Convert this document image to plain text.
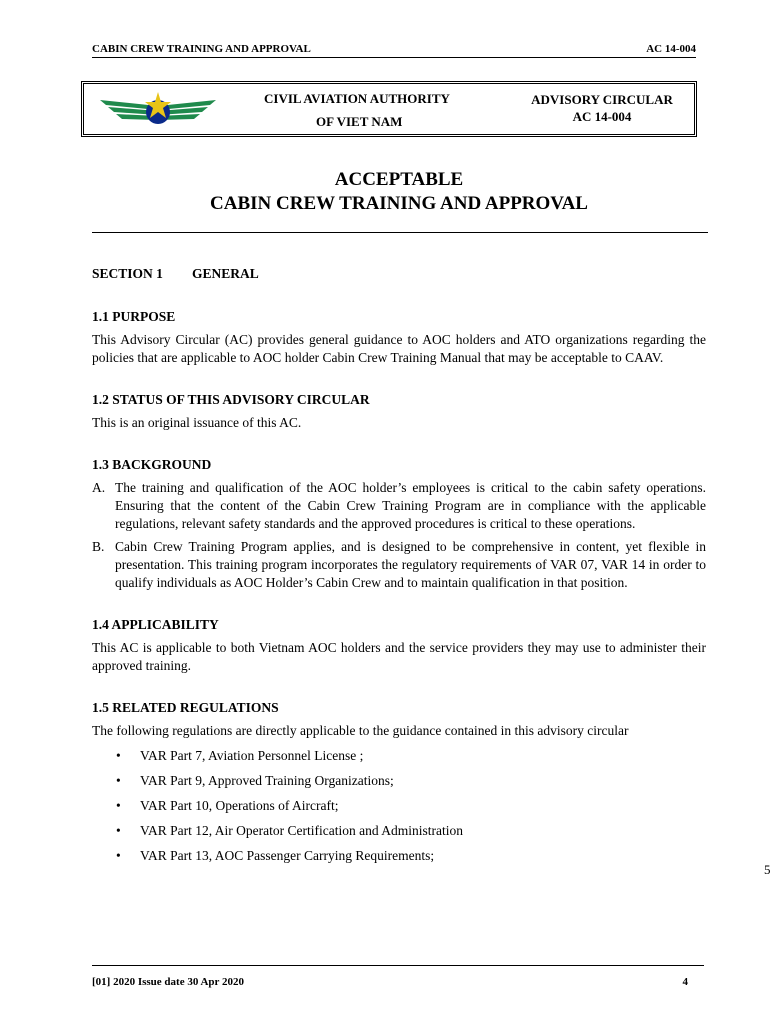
CABIN CREW TRAINING AND APPROVAL	AC 14-004
CIVIL AVIATION AUTHORITY
OF VIET NAM
ADVISORY CIRCULAR
AC 14-004
ACCEPTABLE
CABIN CREW TRAINING AND APPROVAL
SECTION 1 GENERAL
1.1 PURPOSE

This Advisory Circular (AC) provides general guidance to AOC holders and ATO organizations regarding the policies that are applicable to AOC holder Cabin Crew Training Manual that may be acceptable to CAAV.

1.2 STATUS OF THIS ADVISORY CIRCULAR

This is an original issuance of this AC.

1.3 BACKGROUND
A. The training and qualification of the AOC holder’s employees is critical to the cabin safety operations. Ensuring that the content of the Cabin Crew Training Program are in compliance with the applicable regulations, relevant safety standards and the approved procedures is critical to these operations.
B. Cabin Crew Training Program applies, and is designed to be comprehensive in content, yet flexible in presentation. This training program incorporates the regulatory requirements of VAR 07, VAR 14 in order to qualify individuals as AOC Holder’s Cabin Crew and to maintain qualification in that position.
1.4 APPLICABILITY

This AC is applicable to both Vietnam AOC holders and the service providers they may use to administer their approved training.

1.5 RELATED REGULATIONS

The following regulations are directly applicable to the guidance contained in this advisory circular

• VAR Part 7, Aviation Personnel License ;
• VAR Part 9, Approved Training Organizations;
• VAR Part 10, Operations of Aircraft;
• VAR Part 12, Air Operator Certification and Administration
• VAR Part 13, AOC Passenger Carrying Requirements;
[01] 2020 Issue date 30 Apr 2020	4
5
